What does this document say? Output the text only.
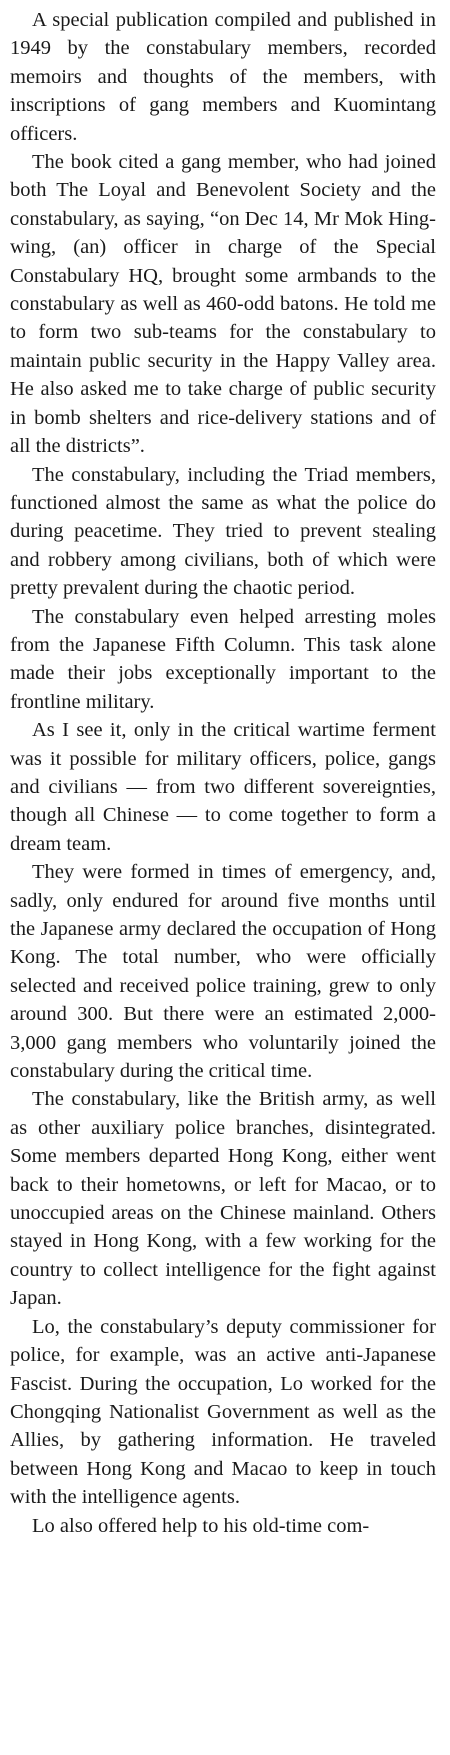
A special publication compiled and published in 1949 by the constabulary members, recorded memoirs and thoughts of the members, with inscriptions of gang members and Kuomintang officers.

The book cited a gang member, who had joined both The Loyal and Benevolent Society and the constabulary, as saying, “on Dec 14, Mr Mok Hing-wing, (an) officer in charge of the Special Constabulary HQ, brought some armbands to the constabulary as well as 460-odd batons. He told me to form two sub-teams for the constabulary to maintain public security in the Happy Valley area. He also asked me to take charge of public security in bomb shelters and rice-delivery stations and of all the districts”.

The constabulary, including the Triad members, functioned almost the same as what the police do during peacetime. They tried to prevent stealing and robbery among civilians, both of which were pretty prevalent during the chaotic period.

The constabulary even helped arresting moles from the Japanese Fifth Column. This task alone made their jobs exceptionally important to the frontline military.

As I see it, only in the critical wartime ferment was it possible for military officers, police, gangs and civilians — from two different sovereignties, though all Chinese — to come together to form a dream team.

They were formed in times of emergency, and, sadly, only endured for around five months until the Japanese army declared the occupation of Hong Kong. The total number, who were officially selected and received police training, grew to only around 300. But there were an estimated 2,000-3,000 gang members who voluntarily joined the constabulary during the critical time.

The constabulary, like the British army, as well as other auxiliary police branches, disintegrated. Some members departed Hong Kong, either went back to their hometowns, or left for Macao, or to unoccupied areas on the Chinese mainland. Others stayed in Hong Kong, with a few working for the country to collect intelligence for the fight against Japan.

Lo, the constabulary’s deputy commissioner for police, for example, was an active anti-Japanese Fascist. During the occupation, Lo worked for the Chongqing Nationalist Government as well as the Allies, by gathering information. He traveled between Hong Kong and Macao to keep in touch with the intelligence agents.

Lo also offered help to his old-time com-
